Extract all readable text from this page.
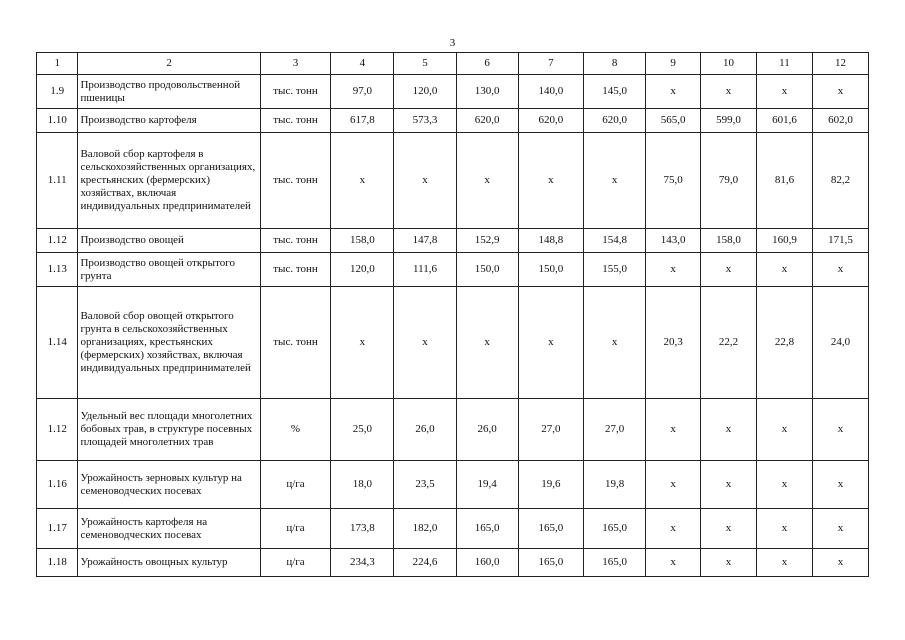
3
1	2	3	4	5	6	7	8	9	10	11	12
1.9	Производство продовольственной пшеницы	тыс. тонн	97,0	120,0	130,0	140,0	145,0	x	x	x	x
1.10	Производство картофеля	тыс. тонн	617,8	573,3	620,0	620,0	620,0	565,0	599,0	601,6	602,0
1.11	Валовой сбор картофеля в сельскохозяйственных организациях, крестьянских (фермерских) хозяйствах, включая индивидуальных предпринимателей	тыс. тонн	x	x	x	x	x	75,0	79,0	81,6	82,2
1.12	Производство овощей	тыс. тонн	158,0	147,8	152,9	148,8	154,8	143,0	158,0	160,9	171,5
1.13	Производство овощей открытого грунта	тыс. тонн	120,0	111,6	150,0	150,0	155,0	x	x	x	x
1.14	Валовой сбор овощей открытого грунта в сельскохозяйственных организациях, крестьянских (фермерских) хозяйствах, включая индивидуальных предпринимателей	тыс. тонн	x	x	x	x	x	20,3	22,2	22,8	24,0
1.12	Удельный вес площади многолетних бобовых трав, в структуре посевных площадей многолетних трав	%	25,0	26,0	26,0	27,0	27,0	x	x	x	x
1.16	Урожайность зерновых культур на семеноводческих посевах	ц/га	18,0	23,5	19,4	19,6	19,8	x	x	x	x
1.17	Урожайность картофеля на семеноводческих посевах	ц/га	173,8	182,0	165,0	165,0	165,0	x	x	x	x
1.18	Урожайность овощных культур	ц/га	234,3	224,6	160,0	165,0	165,0	x	x	x	x
